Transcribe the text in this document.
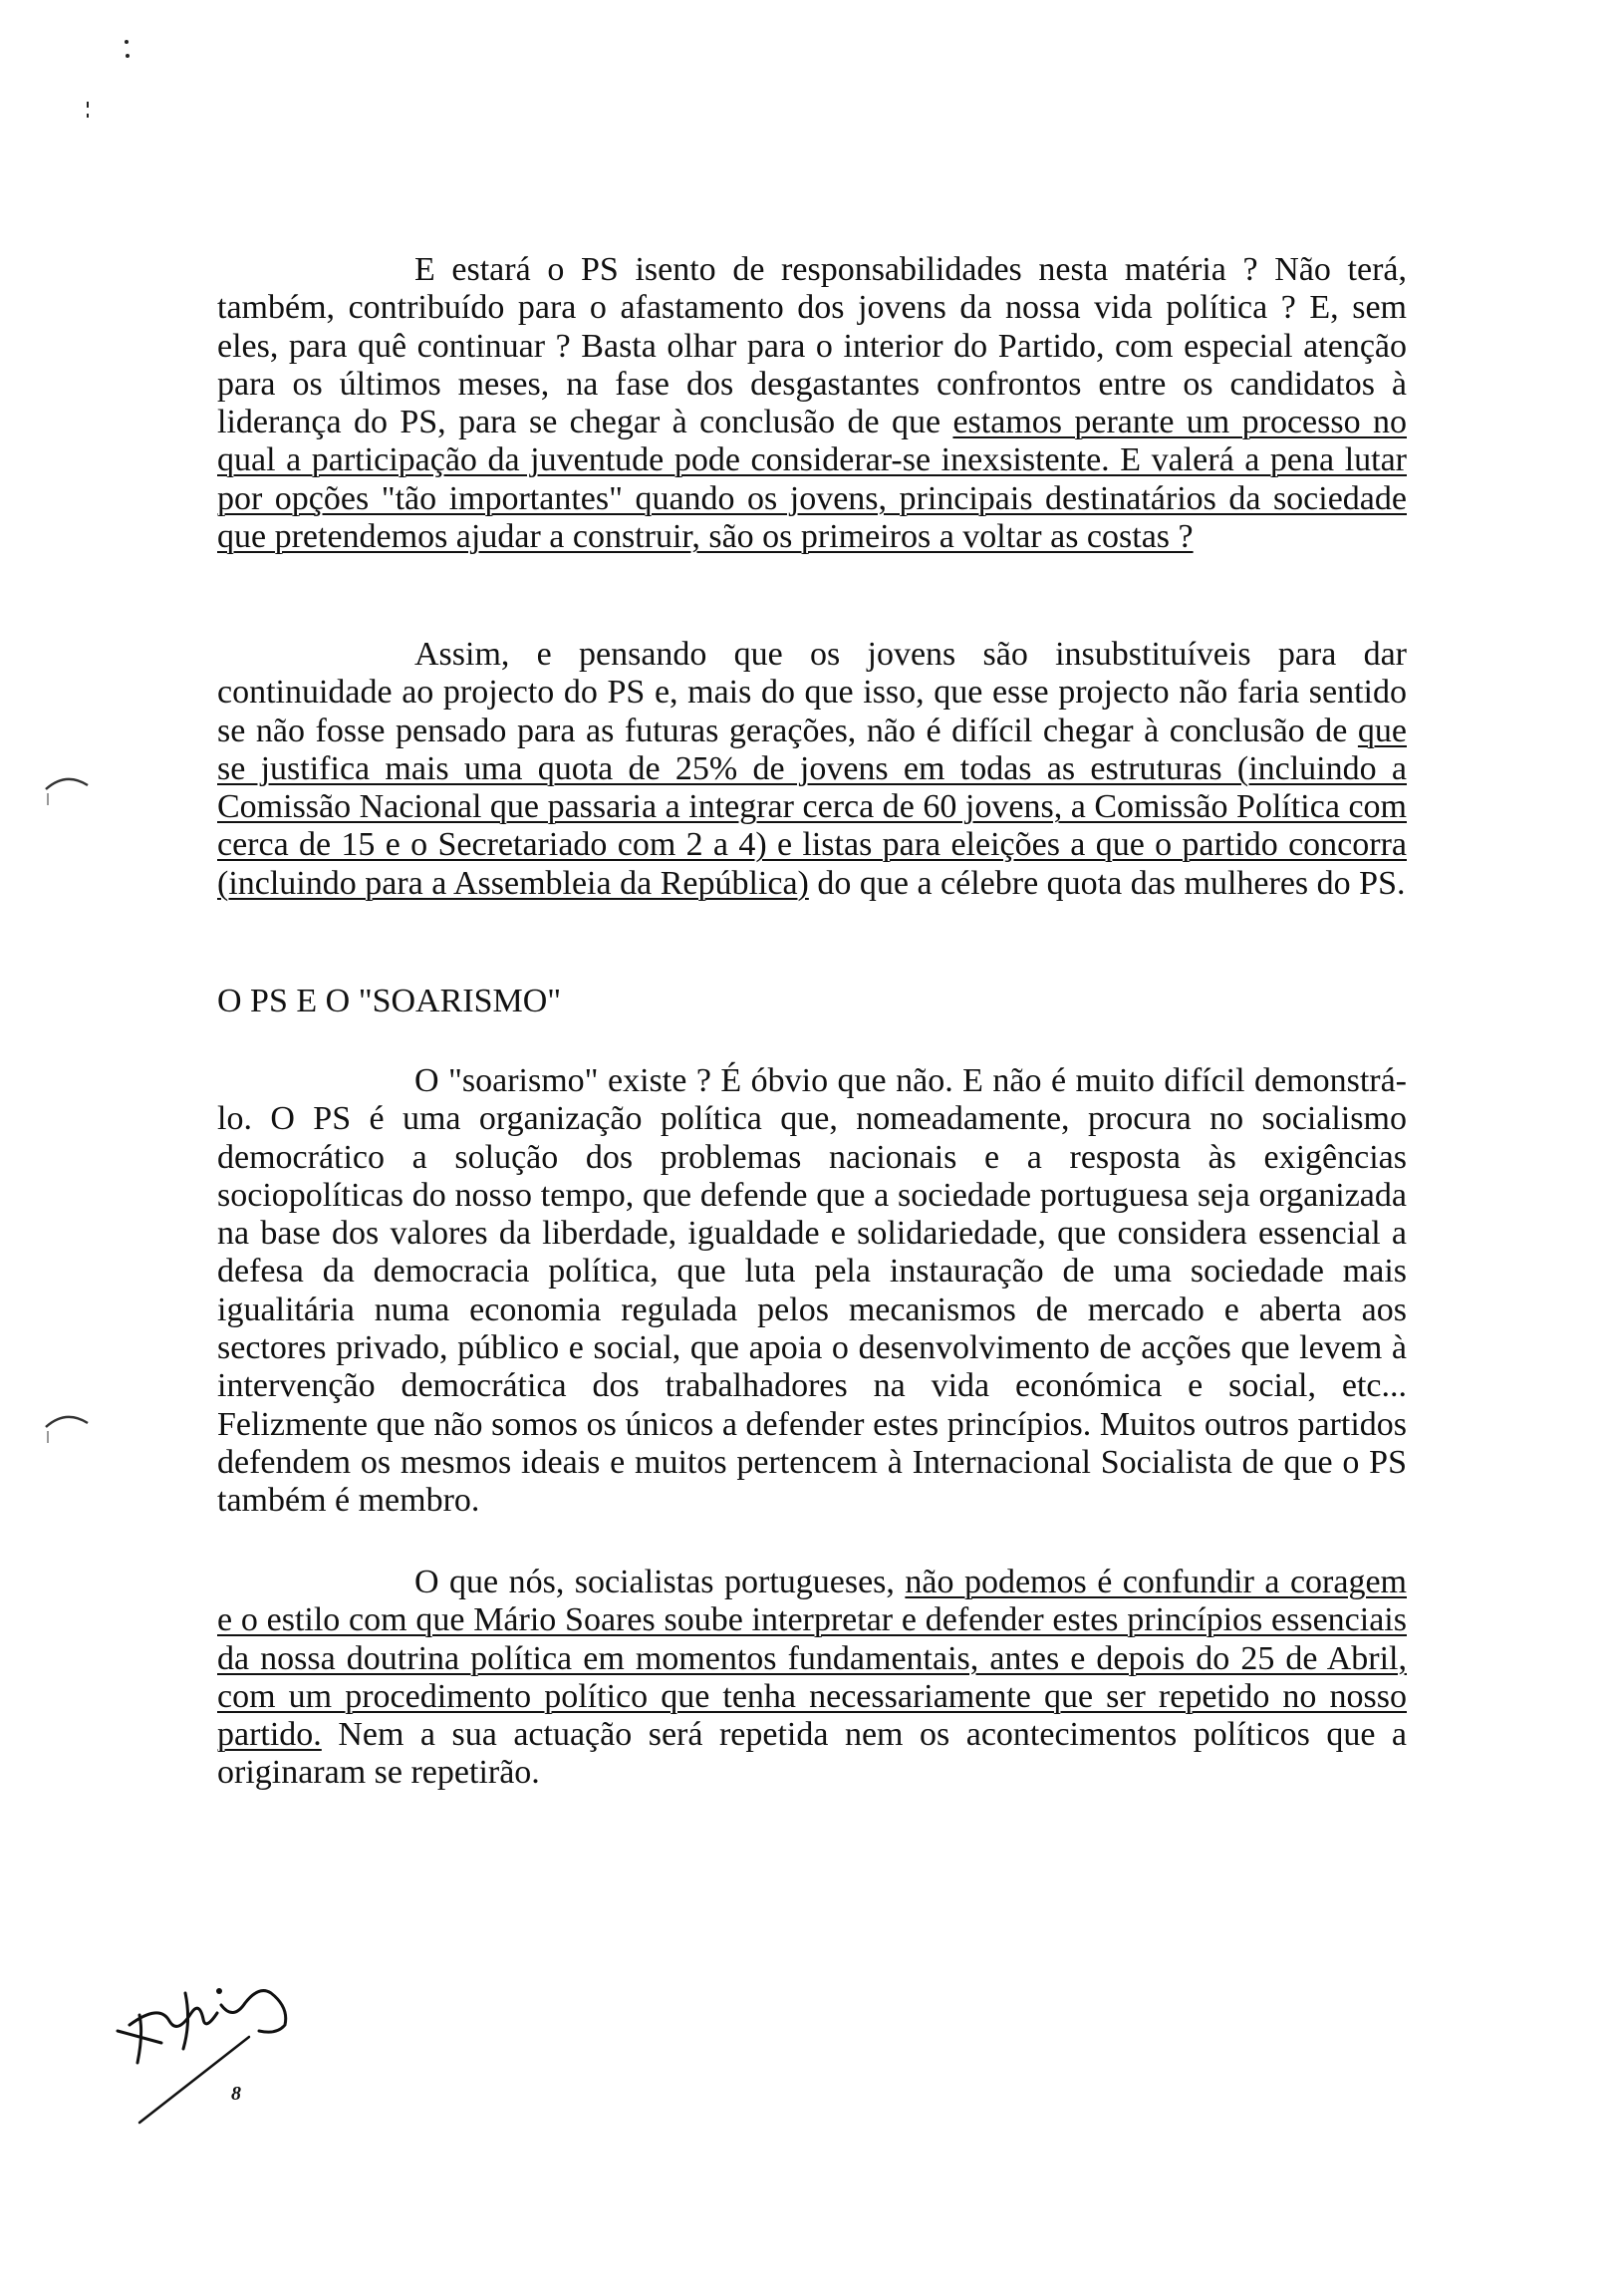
E estará o PS isento de responsabilidades nesta matéria ? Não terá, também, contribuído para o afastamento dos jovens da nossa vida política ? E, sem eles, para quê continuar ? Basta olhar para o interior do Partido, com especial atenção para os últimos meses, na fase dos desgastantes confrontos entre os candidatos à liderança do PS, para se chegar à conclusão de que estamos perante um processo no qual a participação da juventude pode considerar-se inexsistente. E valerá a pena lutar por opções "tão importantes" quando os jovens, principais destinatários da sociedade que pretendemos ajudar a construir, são os primeiros a voltar as costas ?

Assim, e pensando que os jovens são insubstituíveis para dar continuidade ao projecto do PS e, mais do que isso, que esse projecto não faria sentido se não fosse pensado para as futuras gerações, não é difícil chegar à conclusão de que se justifica mais uma quota de 25% de jovens em todas as estruturas (incluindo a Comissão Nacional que passaria a integrar cerca de 60 jovens, a Comissão Política com cerca de 15 e o Secretariado com 2 a 4) e listas para eleições a que o partido concorra (incluindo para a Assembleia da República) do que a célebre quota das mulheres do PS.

O PS E O "SOARISMO"

O "soarismo" existe ? É óbvio que não. E não é muito difícil demonstrá-lo. O PS é uma organização política que, nomeadamente, procura no socialismo democrático a solução dos problemas nacionais e a resposta às exigências sociopolíticas do nosso tempo, que defende que a sociedade portuguesa seja organizada na base dos valores da liberdade, igualdade e solidariedade, que considera essencial a defesa da democracia política, que luta pela instauração de uma sociedade mais igualitária numa economia regulada pelos mecanismos de mercado e aberta aos sectores privado, público e social, que apoia o desenvolvimento de acções que levem à intervenção democrática dos trabalhadores na vida económica e social, etc... Felizmente que não somos os únicos a defender estes princípios. Muitos outros partidos defendem os mesmos ideais e muitos pertencem à Internacional Socialista de que o PS também é membro.

O que nós, socialistas portugueses, não podemos é confundir a coragem e o estilo com que Mário Soares soube interpretar e defender estes princípios essenciais da nossa doutrina política em momentos fundamentais, antes e depois do 25 de Abril, com um procedimento político que tenha necessariamente que ser repetido no nosso partido. Nem a sua actuação será repetida nem os acontecimentos políticos que a originaram se repetirão.

8
